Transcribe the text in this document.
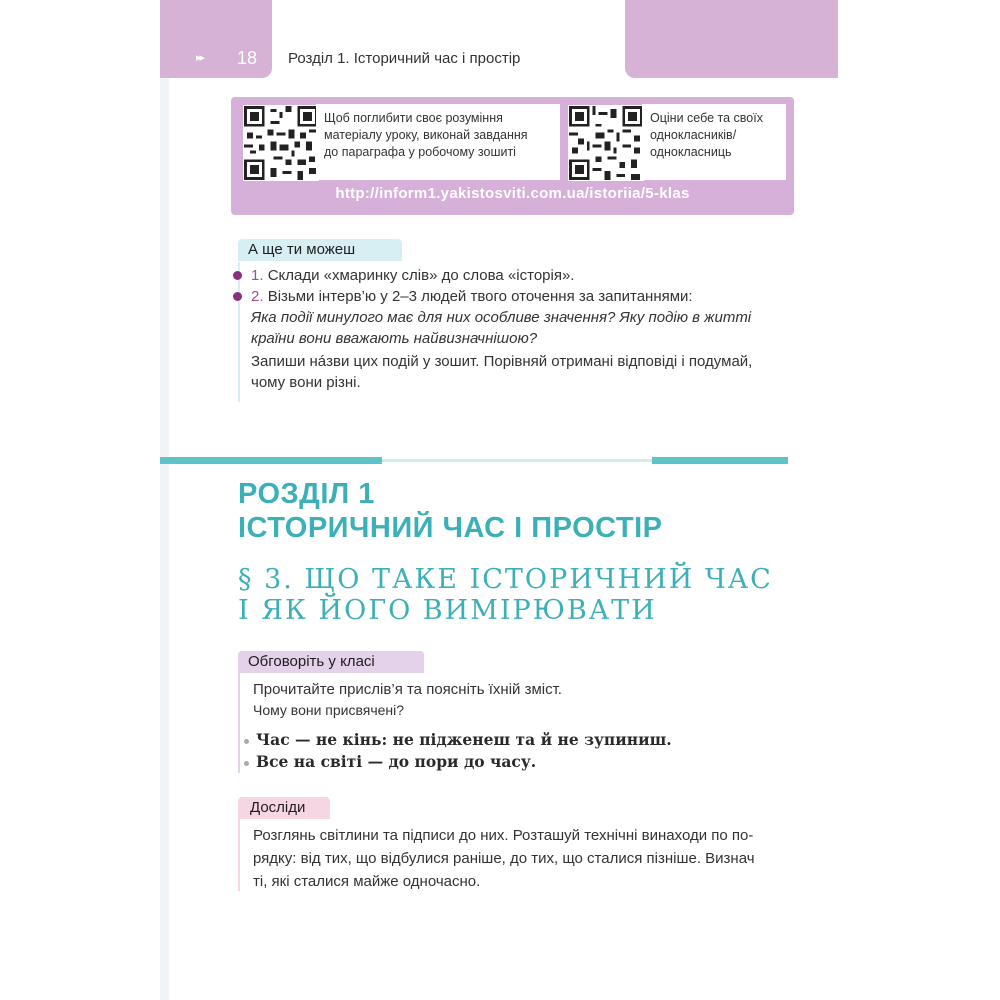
▸▸ 18 Розділ 1. Історичний час і простір
Щоб поглибити своє розуміння
матеріалу уроку, виконай завдання
до параграфа у робочому зошиті
Оціни себе та своїх
однокласників/
однокласниць
http://inform1.yakistosviti.com.ua/istoriia/5-klas
А ще ти можеш
1. Склади «хмаринку слів» до слова «історія».
2. Візьми інтерв’ю у 2–3 людей твого оточення за запитаннями:
Яка події минулого має для них особливе значення? Яку подію в житті
країни вони вважають найвизначнішою?
Запиши нáзви цих подій у зошит. Порівняй отримані відповіді і подумай,
чому вони різні.
РОЗДІЛ 1
ІСТОРИЧНИЙ ЧАС І ПРОСТІР
§ 3. ЩО ТАКЕ ІСТОРИЧНИЙ ЧАС
І ЯК ЙОГО ВИМІРЮВАТИ
Обговоріть у класі
Прочитайте прислів’я та поясніть їхній зміст.
Чому вони присвячені?
Час — не кінь: не підженеш та й не зупиниш.
Все на світі — до пори до часу.
Досліди
Розглянь світлини та підписи до них. Розташуй технічні винаходи по по-
рядку: від тих, що відбулися раніше, до тих, що сталися пізніше. Визнач
ті, які сталися майже одночасно.
